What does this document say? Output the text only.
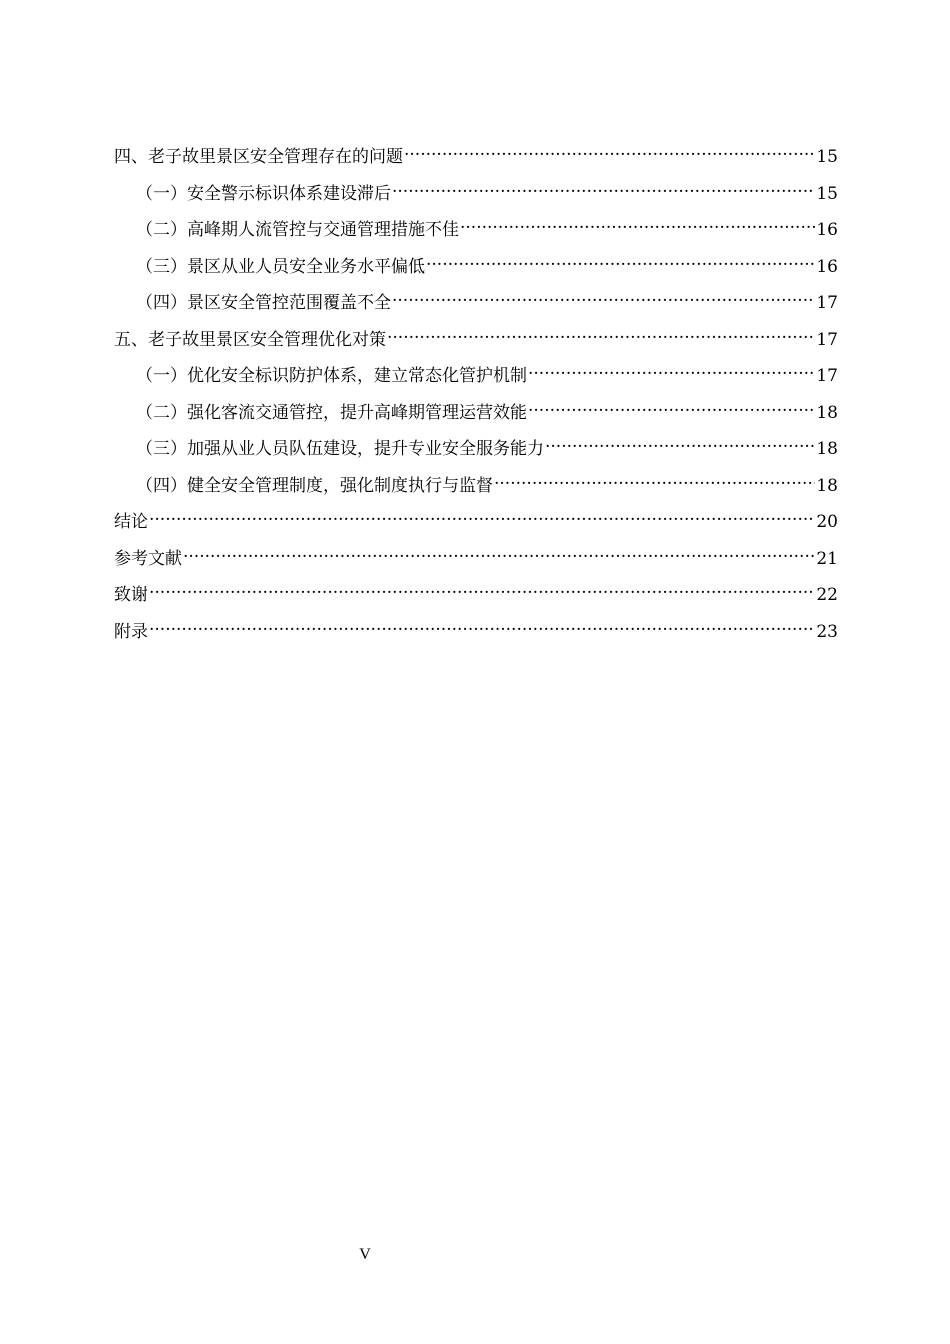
四、老子故里景区安全管理存在的问题 .....	15
（一）安全警示标识体系建设滞后 .....	15
（二）高峰期人流管控与交通管理措施不佳 .....	16
（三）景区从业人员安全业务水平偏低 .....	16
（四）景区安全管控范围覆盖不全 .....	17
五、老子故里景区安全管理优化对策 .....	17
（一）优化安全标识防护体系，建立常态化管护机制 .....	17
（二）强化客流交通管控，提升高峰期管理运营效能 .....	18
（三）加强从业人员队伍建设，提升专业安全服务能力 .....	18
（四）健全安全管理制度，强化制度执行与监督 .....	18
结论 .....	20
参考文献 .....	21
致谢 .....	22
附录 .....	23
V
